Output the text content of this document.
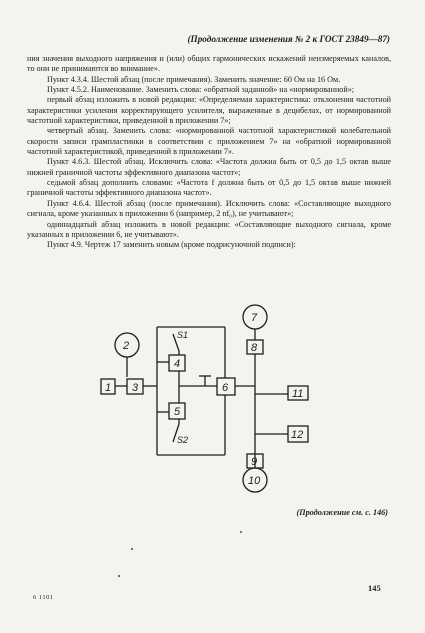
(Продолжение изменения № 2 к ГОСТ 23849—87)

ния значения выходного напряжения и (или) общих гармонических искажений неизмеряемых каналов, то они не принимаются во внимание».

Пункт 4.3.4. Шестой абзац (после примечания). Заменить значение: 60 Ом на 16 Ом.

Пункт 4.5.2. Наименование. Заменить слова: «обратной заданной» на «нормированной»;

первый абзац изложить в новой редакции: «Определяемая характеристика: отклонения частотной характеристики усиления корректирующего усилителя, выраженные в децибелах, от нормированной частотной характеристики, приведенной в приложении 7»;

четвертый абзац. Заменить слова: «нормированной частотной характеристикой колебательной скорости записи грампластинки в соответствии с приложением 7» на «обратной нормированной частотной характеристикой, приведенной в приложении 7».

Пункт 4.6.3. Шестой абзац. Исключить слова: «Частота должна быть от 0,5 до 1,5 октав выше нижней граничной частоты эффективного диапазона частот»;

седьмой абзац дополнить словами: «Частота f должна быть от 0,5 до 1,5 октав выше нижней граничной частоты эффективного диапазона частот».

Пункт 4.6.4. Шестой абзац (после примечания). Исключить слова: «Составляющие выходного сигнала, кроме указанных в приложении 6 (например, 2 nf₀), не учитывают»;

одиннадцатый абзац изложить в новой редакции: «Составляющие выходного сигнала, кроме указанных в приложении 6, не учитывают».

Пункт 4.9. Чертеж 17 заменить новым (кроме подрисуночной подписи):

1
2
3
4
5
6
7
8
9
10
11
12
S1
S2
(Продолжение см. с. 146)
145
6 1101
